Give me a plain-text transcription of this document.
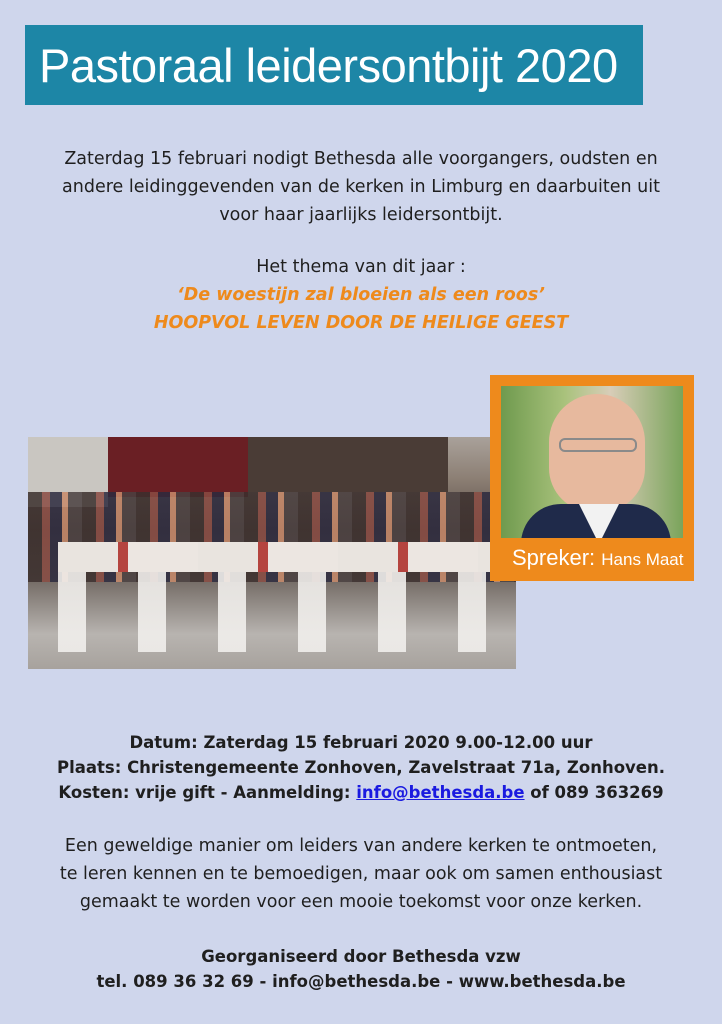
Pastoraal leidersontbijt 2020
Zaterdag 15 februari nodigt Bethesda alle voorgangers, oudsten en
andere leidinggevenden van de kerken in Limburg en daarbuiten uit
voor haar jaarlijks leidersontbijt.
Het thema van dit jaar :
‘De woestijn zal bloeien als een roos’
HOOPVOL LEVEN DOOR DE HEILIGE GEEST
Spreker: Hans Maat
Datum: Zaterdag 15 februari 2020 9.00-12.00 uur
Plaats: Christengemeente Zonhoven, Zavelstraat 71a, Zonhoven.
Kosten: vrije gift - Aanmelding: info@bethesda.be of 089 363269
Een geweldige manier om leiders van andere kerken te ontmoeten,
te leren kennen en te bemoedigen, maar ook om samen enthousiast
gemaakt te worden voor een mooie toekomst voor onze kerken.
Georganiseerd door Bethesda vzw
tel. 089 36 32 69 - info@bethesda.be - www.bethesda.be
